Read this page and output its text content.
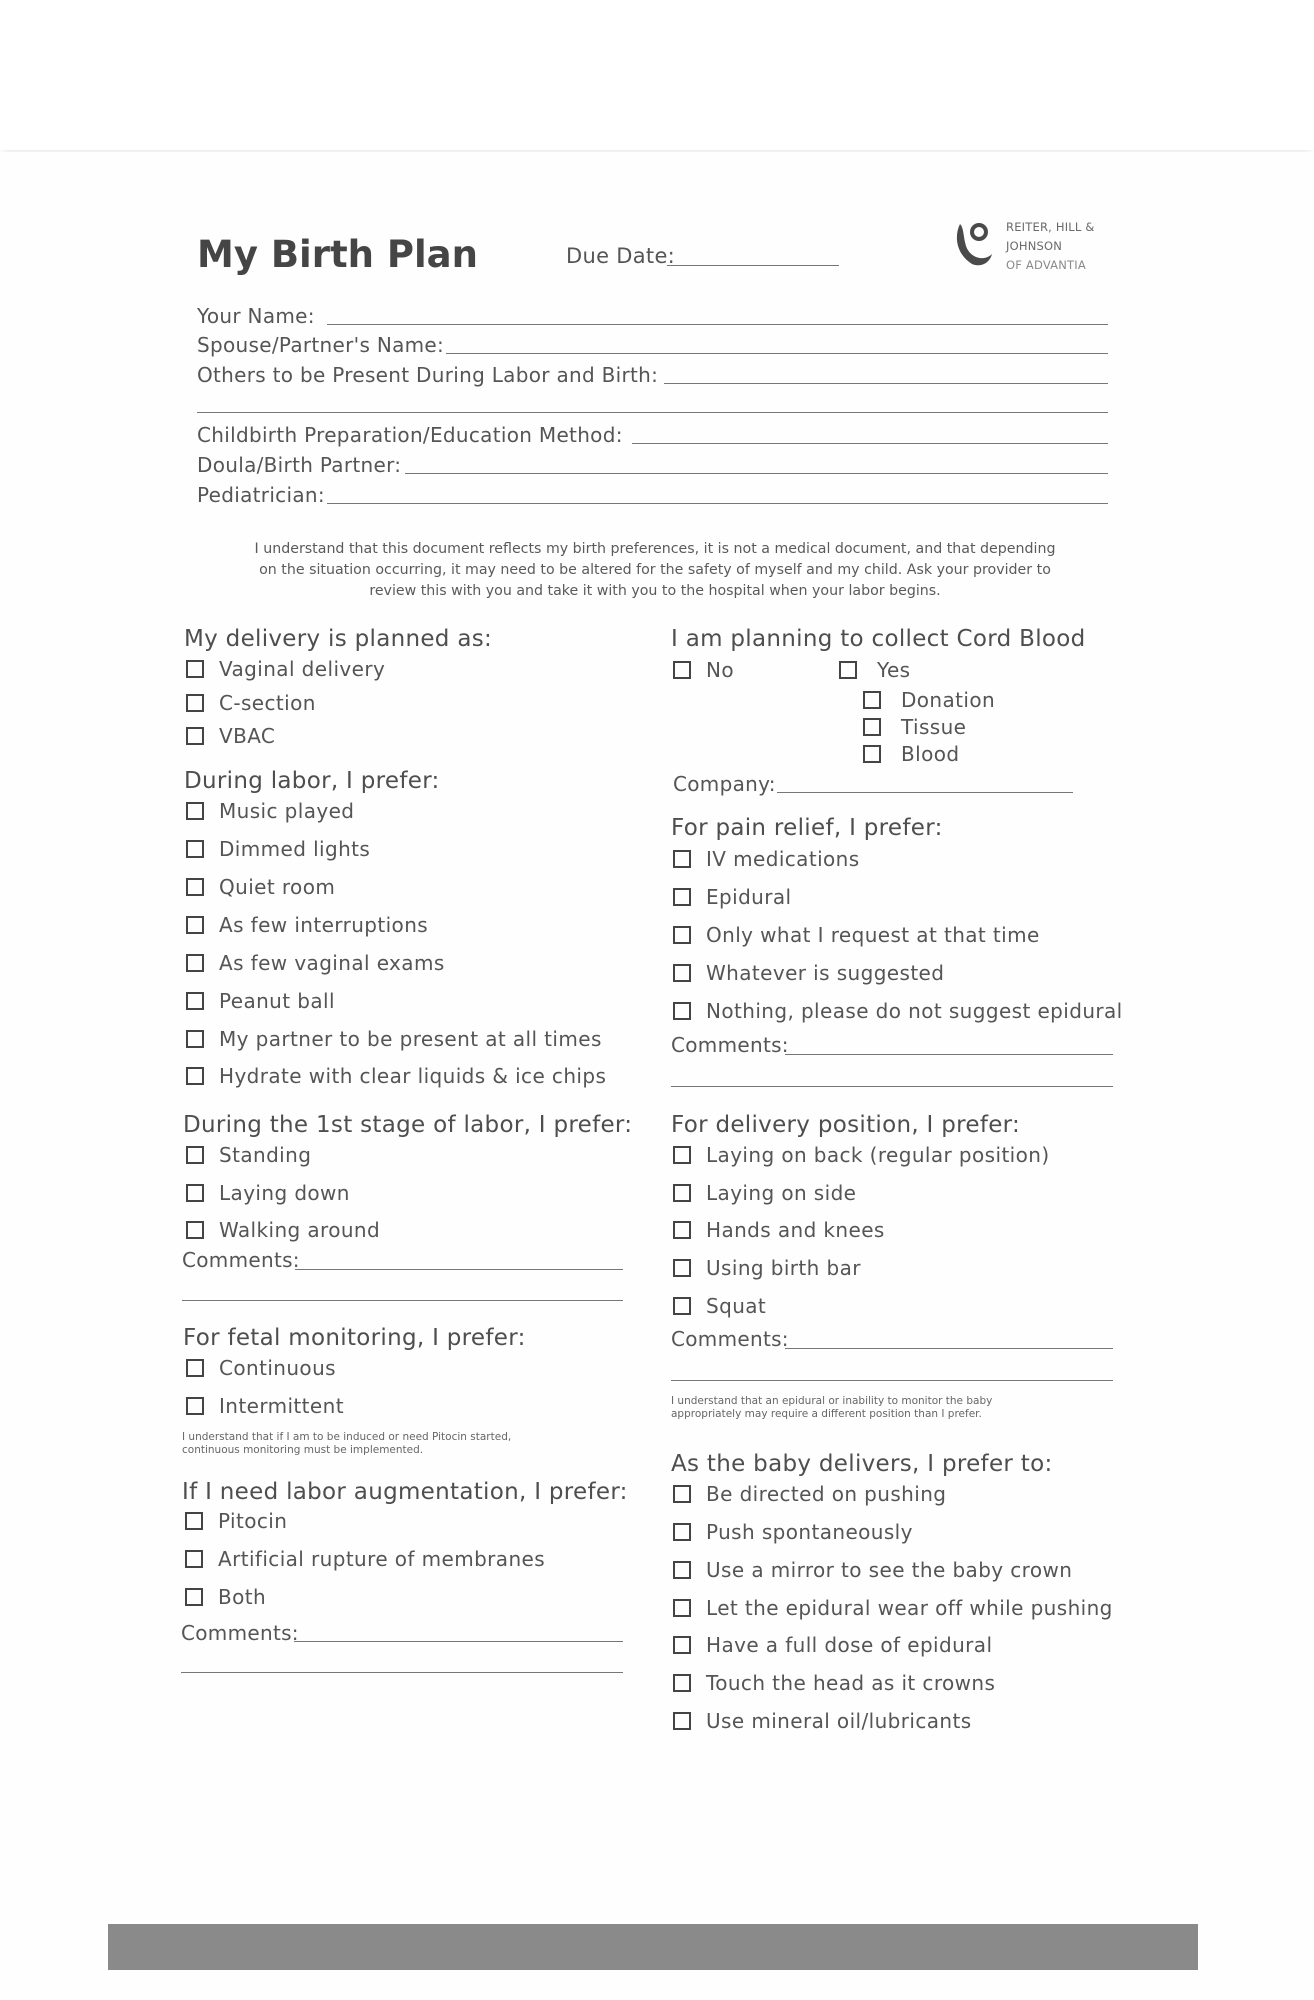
My Birth Plan	Due Date:
REITER, HILL &
JOHNSON
OF ADVANTIA
Your Name:
Spouse/Partner's Name:
Others to be Present During Labor and Birth:
Childbirth Preparation/Education Method:
Doula/Birth Partner:
Pediatrician:
I understand that this document reflects my birth preferences, it is not a medical document, and that depending
on the situation occurring, it may need to be altered for the safety of myself and my child. Ask your provider to
review this with you and take it with you to the hospital when your labor begins.
My delivery is planned as:
Vaginal delivery
C-section
VBAC
During labor, I prefer:
Music played
Dimmed lights
Quiet room
As few interruptions
As few vaginal exams
Peanut ball
My partner to be present at all times
Hydrate with clear liquids & ice chips
During the 1st stage of labor, I prefer:
Standing
Laying down
Walking around
Comments:
For fetal monitoring, I prefer:
Continuous
Intermittent
I understand that if I am to be induced or need Pitocin started,
continuous monitoring must be implemented.
If I need labor augmentation, I prefer:
Pitocin
Artificial rupture of membranes
Both
Comments:
I am planning to collect Cord Blood
No	Yes
Donation
Tissue
Blood
Company:
For pain relief, I prefer:
IV medications
Epidural
Only what I request at that time
Whatever is suggested
Nothing, please do not suggest epidural
Comments:
For delivery position, I prefer:
Laying on back (regular position)
Laying on side
Hands and knees
Using birth bar
Squat
Comments:
I understand that an epidural or inability to monitor the baby
appropriately may require a different position than I prefer.
As the baby delivers, I prefer to:
Be directed on pushing
Push spontaneously
Use a mirror to see the baby crown
Let the epidural wear off while pushing
Have a full dose of epidural
Touch the head as it crowns
Use mineral oil/lubricants
